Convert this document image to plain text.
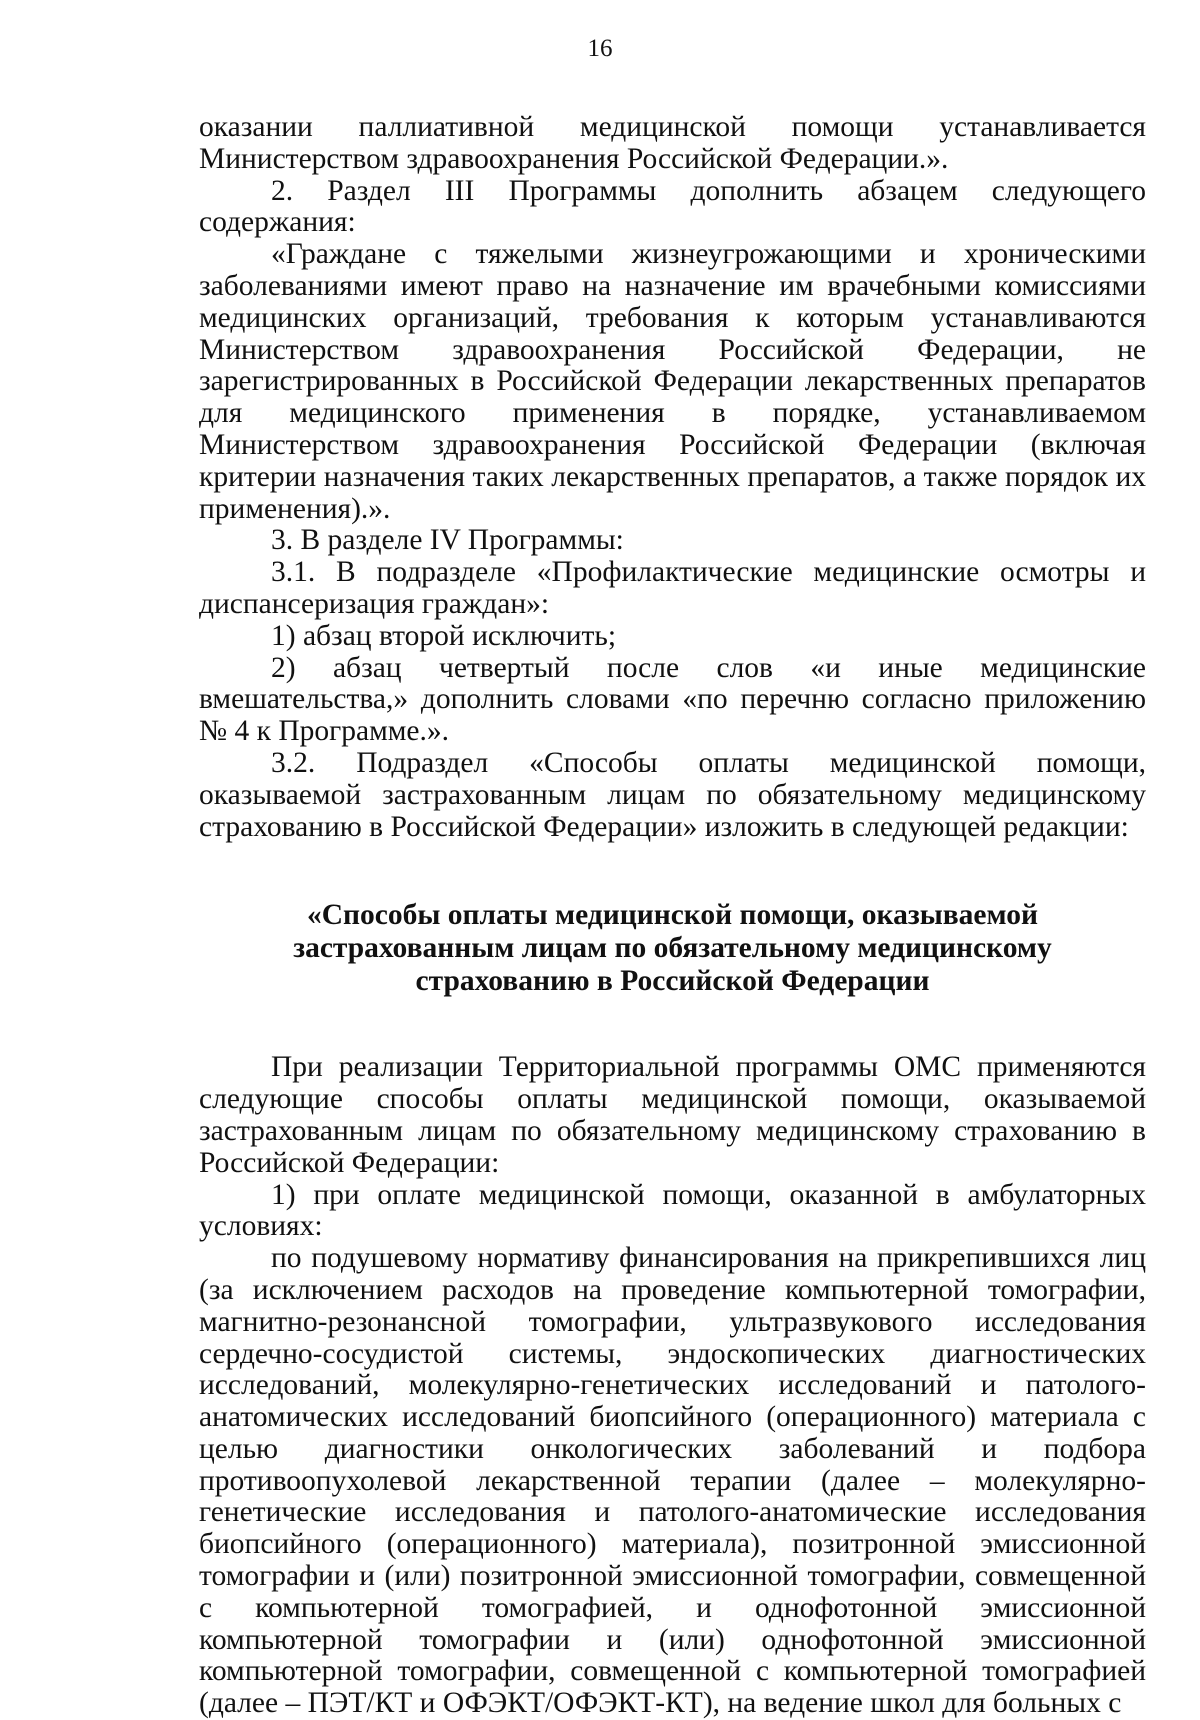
16

оказании паллиативной медицинской помощи устанавливается Министерством здравоохранения Российской Федерации.».

2. Раздел III Программы дополнить абзацем следующего содержания:

«Граждане с тяжелыми жизнеугрожающими и хроническими заболеваниями имеют право на назначение им врачебными комиссиями медицинских организаций, требования к которым устанавливаются Министерством здравоохранения Российской Федерации, не зарегистрированных в Российской Федерации лекарственных препаратов для медицинского применения в порядке, устанавливаемом Министерством здравоохранения Российской Федерации (включая критерии назначения таких лекарственных препаратов, а также порядок их применения).».

3. В разделе IV Программы:

3.1. В подразделе «Профилактические медицинские осмотры и диспансеризация граждан»:

1) абзац второй исключить;

2) абзац четвертый после слов «и иные медицинские вмешательства,» дополнить словами «по перечню согласно приложению № 4 к Программе.».

3.2. Подраздел «Способы оплаты медицинской помощи, оказываемой застрахованным лицам по обязательному медицинскому страхованию в Российской Федерации» изложить в следующей редакции:

«Способы оплаты медицинской помощи, оказываемой
застрахованным лицам по обязательному медицинскому
страхованию в Российской Федерации

При реализации Территориальной программы ОМС применяются следующие способы оплаты медицинской помощи, оказываемой застрахованным лицам по обязательному медицинскому страхованию в Российской Федерации:

1) при оплате медицинской помощи, оказанной в амбулаторных условиях:

по подушевому нормативу финансирования на прикрепившихся лиц (за исключением расходов на проведение компьютерной томографии, магнитно-резонансной томографии, ультразвукового исследования сердечно-сосудистой системы, эндоскопических диагностических исследований, молекулярно-генетических исследований и патолого-анатомических исследований биопсийного (операционного) материала с целью диагностики онкологических заболеваний и подбора противоопухолевой лекарственной терапии (далее – молекулярно-генетические исследования и патолого-анатомические исследования биопсийного (операционного) материала), позитронной эмиссионной томографии и (или) позитронной эмиссионной томографии, совмещенной с компьютерной томографией, и однофотонной эмиссионной компьютерной томографии и (или) однофотонной эмиссионной компьютерной томографии, совмещенной с компьютерной томографией (далее – ПЭТ/КТ и ОФЭКТ/ОФЭКТ-КТ), на ведение школ для больных с
